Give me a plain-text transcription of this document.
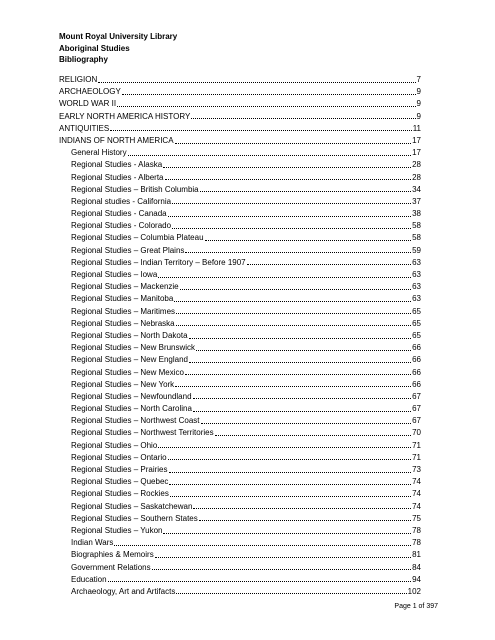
Mount Royal University Library
Aboriginal Studies
Bibliography
RELIGION	7
ARCHAEOLOGY	9
WORLD WAR II	9
EARLY NORTH AMERICA HISTORY	9
ANTIQUITIES	11
INDIANS OF NORTH AMERICA	17
General History	17
Regional Studies - Alaska	28
Regional Studies - Alberta	28
Regional Studies – British Columbia	34
Regional studies - California	37
Regional Studies - Canada	38
Regional Studies - Colorado	58
Regional Studies – Columbia Plateau	58
Regional Studies – Great Plains	59
Regional Studies – Indian Territory – Before 1907	63
Regional Studies – Iowa	63
Regional Studies – Mackenzie	63
Regional Studies – Manitoba	63
Regional Studies – Maritimes	65
Regional Studies – Nebraska	65
Regional Studies – North Dakota	65
Regional Studies – New Brunswick	66
Regional Studies – New England	66
Regional Studies – New Mexico	66
Regional Studies – New York	66
Regional Studies – Newfoundland	67
Regional Studies – North Carolina	67
Regional Studies – Northwest Coast	67
Regional Studies – Northwest Territories	70
Regional Studies – Ohio	71
Regional Studies – Ontario	71
Regional Studies – Prairies	73
Regional Studies – Quebec	74
Regional Studies – Rockies	74
Regional Studies – Saskatchewan	74
Regional Studies – Southern States	75
Regional Studies – Yukon	78
Indian Wars	78
Biographies & Memoirs	81
Government Relations	84
Education	94
Archaeology, Art and Artifacts	102
Page 1 of 397
